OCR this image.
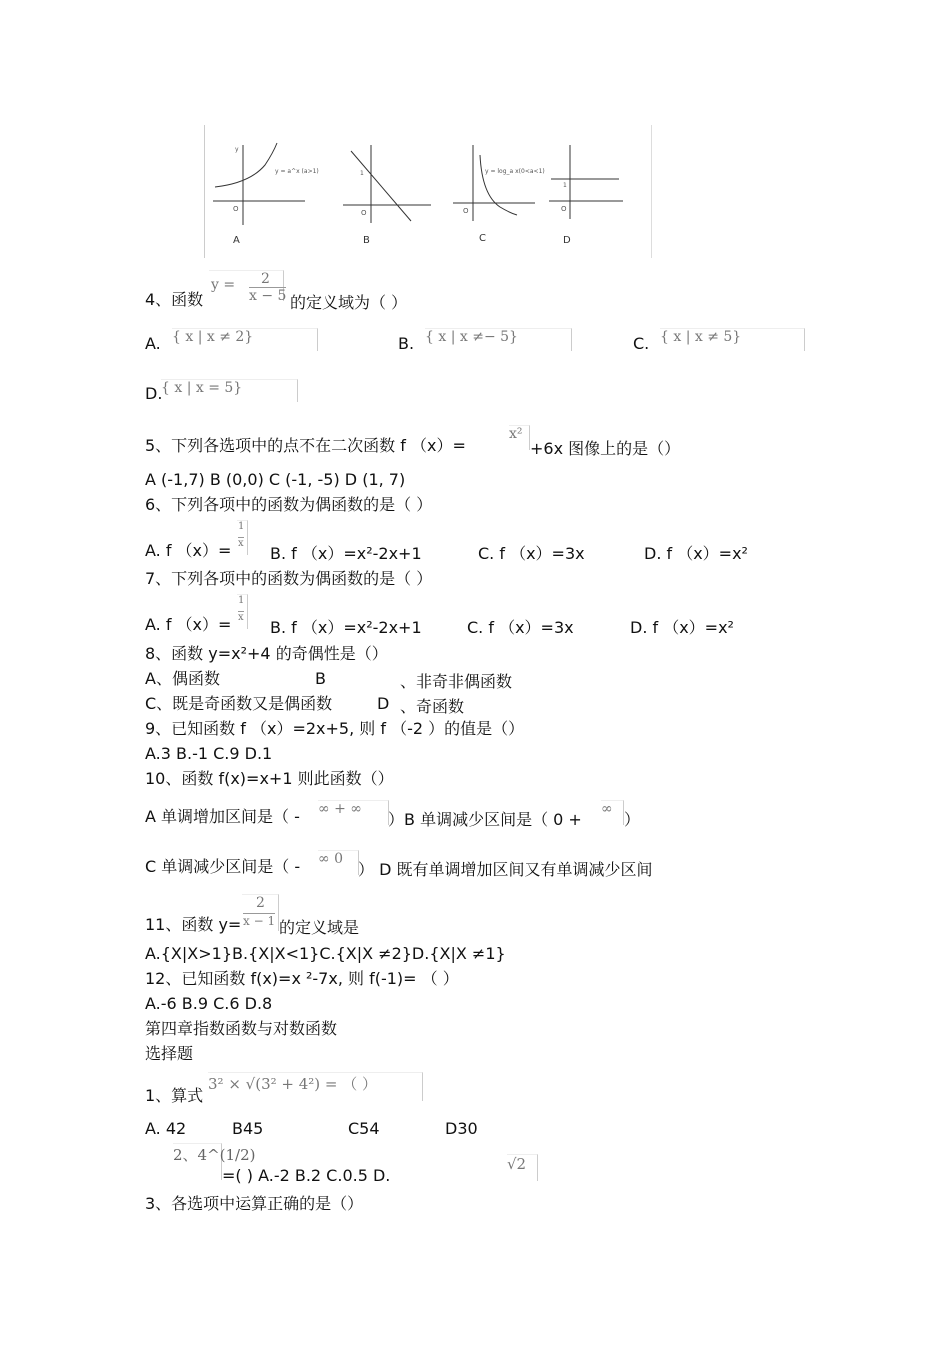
y = a^x (a>1)
O
y
A
1
O
B
y = log_a x(0<a<1)
O
C
1
O
D
4、函数
y = 2
x − 5 的定义域为（ ）
A. { x | x ≠ 2}	B. { x | x ≠− 5}	C. { x | x ≠ 5}
D.
{ x | x = 5}
5、下列各选项中的点不在二次函数 f （x）=
x²
+6x 图像上的是（）
A (-1,7) B (0,0) C (-1, -5) D (1, 7)
6、下列各项中的函数为偶函数的是（ ）
A. f （x）=
1
x
B. f （x）=x²-2x+1	C. f （x）=3x	D. f （x）=x²
7、下列各项中的函数为偶函数的是（ ）
A. f （x）=
1
x
B. f （x）=x²-2x+1	C. f （x）=3x	D. f （x）=x²
8、函数 y=x²+4 的奇偶性是（）
A、偶函数	B	、非奇非偶函数
C、既是奇函数又是偶函数	D 、奇函数
9、已知函数 f （x）=2x+5, 则 f （-2 ）的值是（）
A.3 B.-1 C.9 D.1
10、函数 f(x)=x+1 则此函数（）
A 单调增加区间是（ - ∞ + ∞
）B 单调减少区间是（ 0 +
∞
）
C 单调减少区间是（ - ∞ 0
） D 既有单调增加区间又有单调减少区间
11、函数 y=
2
x − 1 的定义域是
A.{X|X>1}B.{X|X<1}C.{X|X ≠2}D.{X|X ≠1}
12、已知函数 f(x)=x ²-7x, 则 f(-1)= （ ）
A.-6 B.9 C.6 D.8
第四章指数函数与对数函数
选择题
1、算式
3² × √(3² + 4²) = （ ）
A. 42	B45	C54	D30
2、4^(1/2)
=( ) A.-2 B.2 C.0.5 D.
√2
3、各选项中运算正确的是（）
